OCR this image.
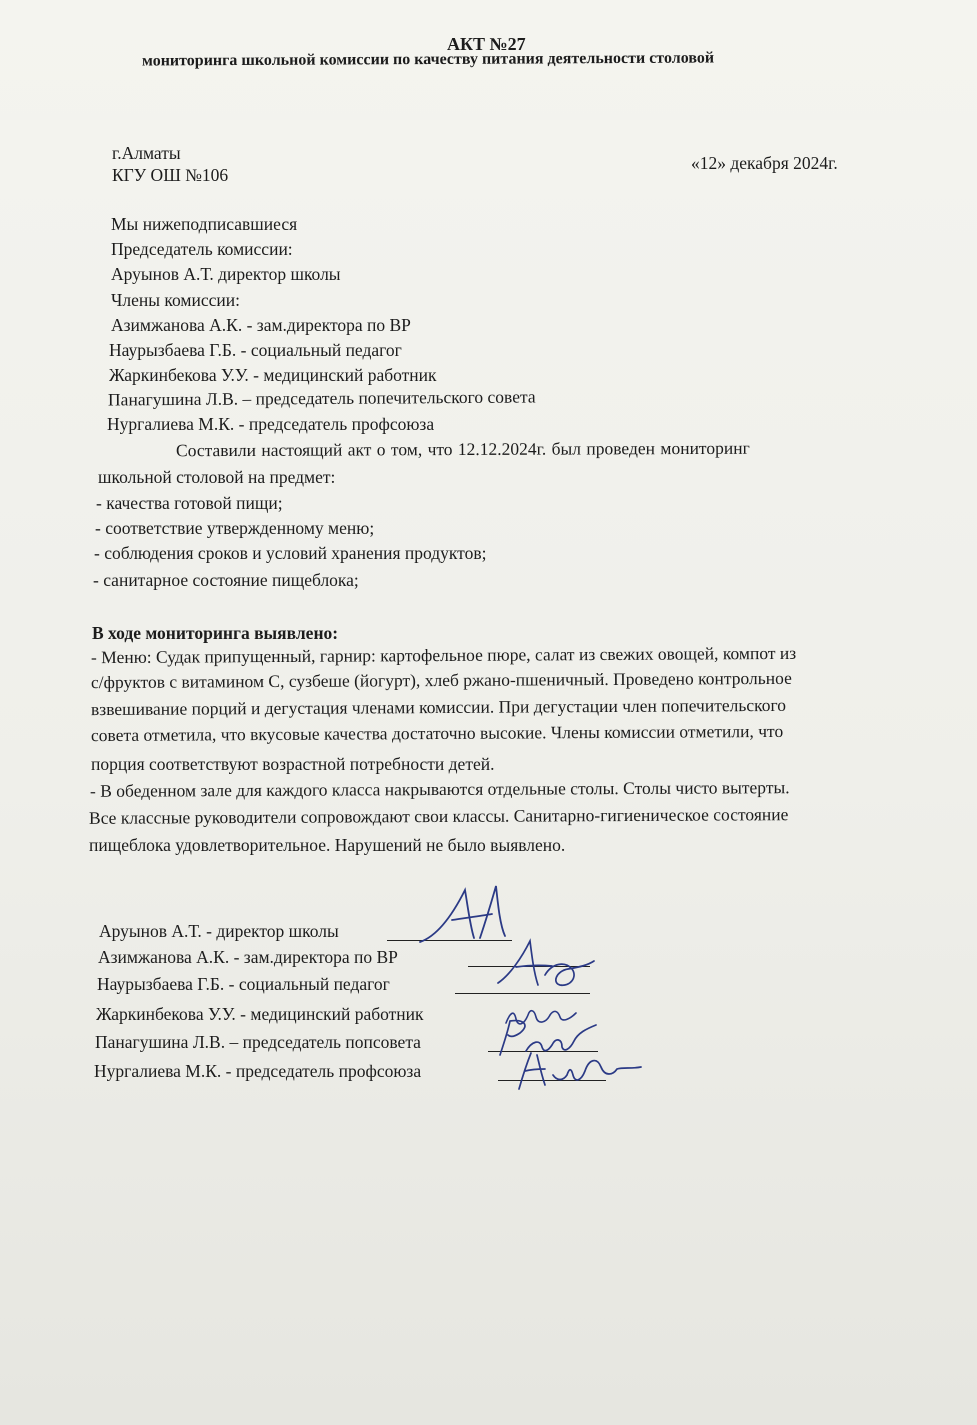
АКТ №27
мониторинга школьной комиссии по качеству питания деятельности столовой
г.Алматы
КГУ ОШ №106
«12» декабря 2024г.
Мы нижеподписавшиеся
Председатель комиссии:
Аруынов А.Т. директор школы
Члены комиссии:
Азимжанова А.К. - зам.директора по ВР
Наурызбаева Г.Б. - социальный педагог
Жаркинбекова У.У. - медицинский работник
Панагушина Л.В. – председатель попечительского совета
Нургалиева М.К. - председатель профсоюза
Составили настоящий акт о том, что 12.12.2024г. был проведен мониторинг
школьной столовой на предмет:
- качества готовой пищи;
- соответствие утвержденному меню;
- соблюдения сроков и условий хранения продуктов;
- санитарное состояние пищеблока;
В ходе мониторинга выявлено:
- Меню: Судак припущенный, гарнир: картофельное пюре, салат из свежих овощей, компот из
с/фруктов с витамином С, сузбеше (йогурт), хлеб ржано-пшеничный. Проведено контрольное
взвешивание порций и дегустация членами комиссии. При дегустации член попечительского
совета отметила, что вкусовые качества достаточно высокие. Члены комиссии отметили, что
порция соответствуют возрастной потребности детей.
- В обеденном зале для каждого класса накрываются отдельные столы. Столы чисто вытерты.
Все классные руководители сопровождают свои классы. Санитарно-гигиеническое состояние
пищеблока удовлетворительное. Нарушений не было выявлено.
Аруынов А.Т. - директор школы
Азимжанова А.К. - зам.директора по ВР
Наурызбаева Г.Б. - социальный педагог
Жаркинбекова У.У. - медицинский работник
Панагушина Л.В. – председатель попсовета
Нургалиева М.К. - председатель профсоюза
